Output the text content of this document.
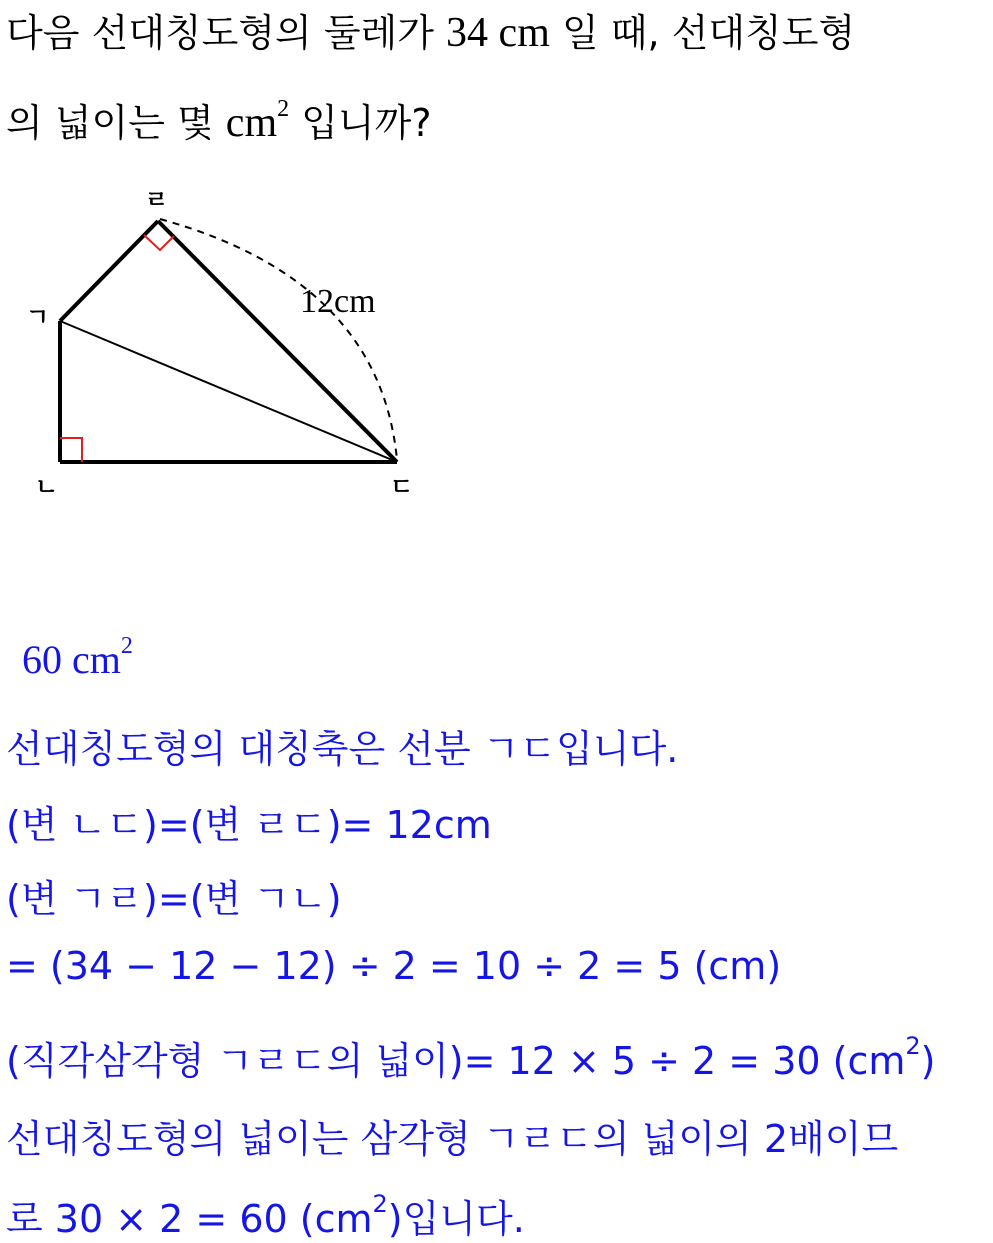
다음 선대칭도형의 둘레가 34 cm 일 때, 선대칭도형
의 넓이는 몇 $cm^2$ 입니까?
ㄹ
ㄱ
ㄴ	ㄷ
12cm
60 $cm^2$
선대칭도형의 대칭축은 선분 ㄱㄷ입니다.
(변 ㄴㄷ)=(변 ㄹㄷ)= 12cm
(변 ㄱㄹ)=(변 ㄱㄴ)
= (34 − 12 − 12) ÷ 2 = 10 ÷ 2 = 5 (cm)
(직각삼각형 ㄱㄹㄷ의 넓이)= 12 × 5 ÷ 2 = 30 $(cm^2)$
선대칭도형의 넓이는 삼각형 ㄱㄹㄷ의 넓이의 2배이므
로 30 × 2 = 60 $(cm^2)$입니다.
